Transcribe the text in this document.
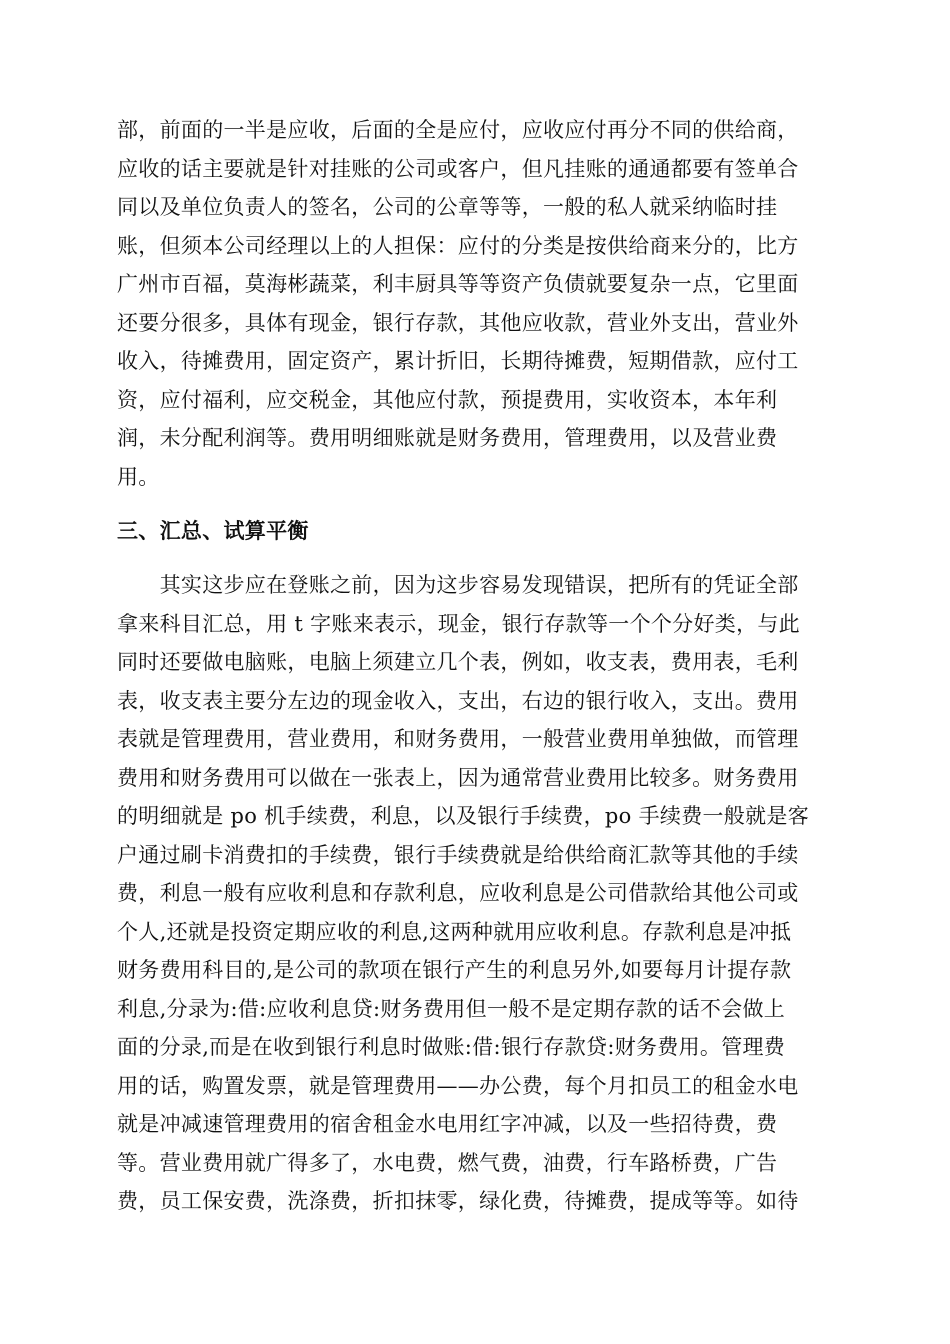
部，前面的一半是应收，后面的全是应付，应收应付再分不同的供给商，
应收的话主要就是针对挂账的公司或客户，但凡挂账的通通都要有签单合
同以及单位负责人的签名，公司的公章等等，一般的私人就采纳临时挂
账，但须本公司经理以上的人担保：应付的分类是按供给商来分的，比方
广州市百福，莫海彬蔬菜，利丰厨具等等资产负债就要复杂一点，它里面
还要分很多，具体有现金，银行存款，其他应收款，营业外支出，营业外
收入，待摊费用，固定资产，累计折旧，长期待摊费，短期借款，应付工
资，应付福利，应交税金，其他应付款，预提费用，实收资本，本年利
润，未分配利润等。费用明细账就是财务费用，管理费用，以及营业费
用。
三、汇总、试算平衡
　　其实这步应在登账之前，因为这步容易发现错误，把所有的凭证全部
拿来科目汇总，用 t 字账来表示，现金，银行存款等一个个分好类，与此
同时还要做电脑账，电脑上须建立几个表，例如，收支表，费用表，毛利
表，收支表主要分左边的现金收入，支出，右边的银行收入，支出。费用
表就是管理费用，营业费用，和财务费用，一般营业费用单独做，而管理
费用和财务费用可以做在一张表上，因为通常营业费用比较多。财务费用
的明细就是 po 机手续费，利息，以及银行手续费，po 手续费一般就是客
户通过刷卡消费扣的手续费，银行手续费就是给供给商汇款等其他的手续
费，利息一般有应收利息和存款利息，应收利息是公司借款给其他公司或
个人,还就是投资定期应收的利息,这两种就用应收利息。存款利息是冲抵
财务费用科目的,是公司的款项在银行产生的利息另外,如要每月计提存款
利息,分录为:借:应收利息贷:财务费用但一般不是定期存款的话不会做上
面的分录,而是在收到银行利息时做账:借:银行存款贷:财务费用。管理费
用的话，购置发票，就是管理费用——办公费，每个月扣员工的租金水电
就是冲减速管理费用的宿舍租金水电用红字冲减，以及一些招待费，费
等。营业费用就广得多了，水电费，燃气费，油费，行车路桥费，广告
费，员工保安费，洗涤费，折扣抹零，绿化费，待摊费，提成等等。如待
